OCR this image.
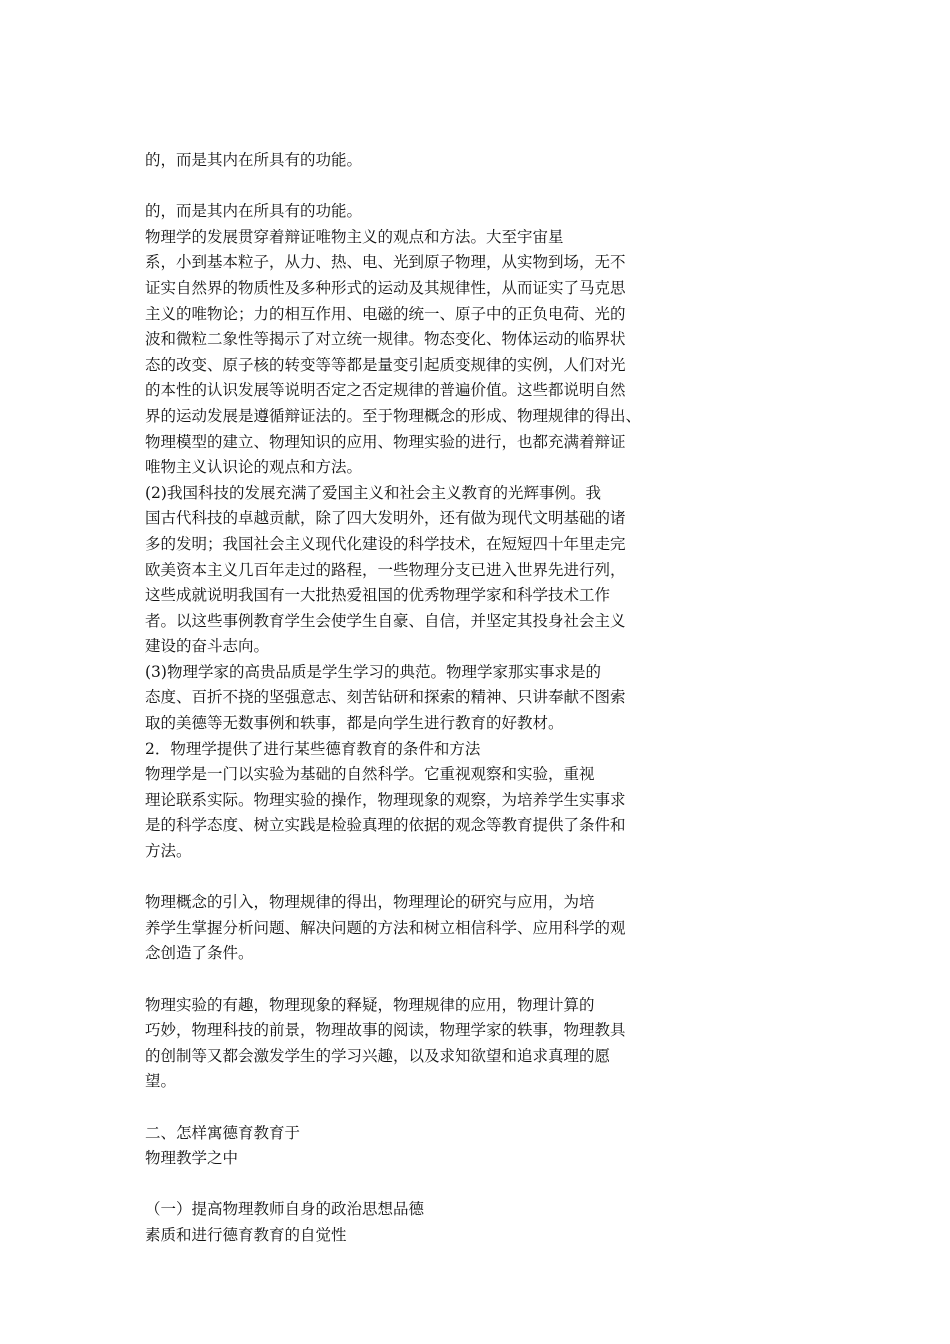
的，而是其内在所具有的功能。
的，而是其内在所具有的功能。
物理学的发展贯穿着辩证唯物主义的观点和方法。大至宇宙星
系，小到基本粒子，从力、热、电、光到原子物理，从实物到场，无不
证实自然界的物质性及多种形式的运动及其规律性，从而证实了马克思
主义的唯物论；力的相互作用、电磁的统一、原子中的正负电荷、光的
波和微粒二象性等揭示了对立统一规律。物态变化、物体运动的临界状
态的改变、原子核的转变等等都是量变引起质变规律的实例，人们对光
的本性的认识发展等说明否定之否定规律的普遍价值。这些都说明自然
界的运动发展是遵循辩证法的。至于物理概念的形成、物理规律的得出、
物理模型的建立、物理知识的应用、物理实验的进行，也都充满着辩证
唯物主义认识论的观点和方法。
(2)我国科技的发展充满了爱国主义和社会主义教育的光辉事例。我
国古代科技的卓越贡献，除了四大发明外，还有做为现代文明基础的诸
多的发明；我国社会主义现代化建设的科学技术，在短短四十年里走完
欧美资本主义几百年走过的路程，一些物理分支已进入世界先进行列，
这些成就说明我国有一大批热爱祖国的优秀物理学家和科学技术工作
者。以这些事例教育学生会使学生自豪、自信，并坚定其投身社会主义
建设的奋斗志向。
(3)物理学家的高贵品质是学生学习的典范。物理学家那实事求是的
态度、百折不挠的坚强意志、刻苦钻研和探索的精神、只讲奉献不图索
取的美德等无数事例和轶事，都是向学生进行教育的好教材。
2．物理学提供了进行某些德育教育的条件和方法
物理学是一门以实验为基础的自然科学。它重视观察和实验，重视
理论联系实际。物理实验的操作，物理现象的观察，为培养学生实事求
是的科学态度、树立实践是检验真理的依据的观念等教育提供了条件和
方法。
物理概念的引入，物理规律的得出，物理理论的研究与应用，为培
养学生掌握分析问题、解决问题的方法和树立相信科学、应用科学的观
念创造了条件。
物理实验的有趣，物理现象的释疑，物理规律的应用，物理计算的
巧妙，物理科技的前景，物理故事的阅读，物理学家的轶事，物理教具
的创制等又都会激发学生的学习兴趣，以及求知欲望和追求真理的愿
望。
二、怎样寓德育教育于
物理教学之中
（一）提高物理教师自身的政治思想品德
素质和进行德育教育的自觉性
